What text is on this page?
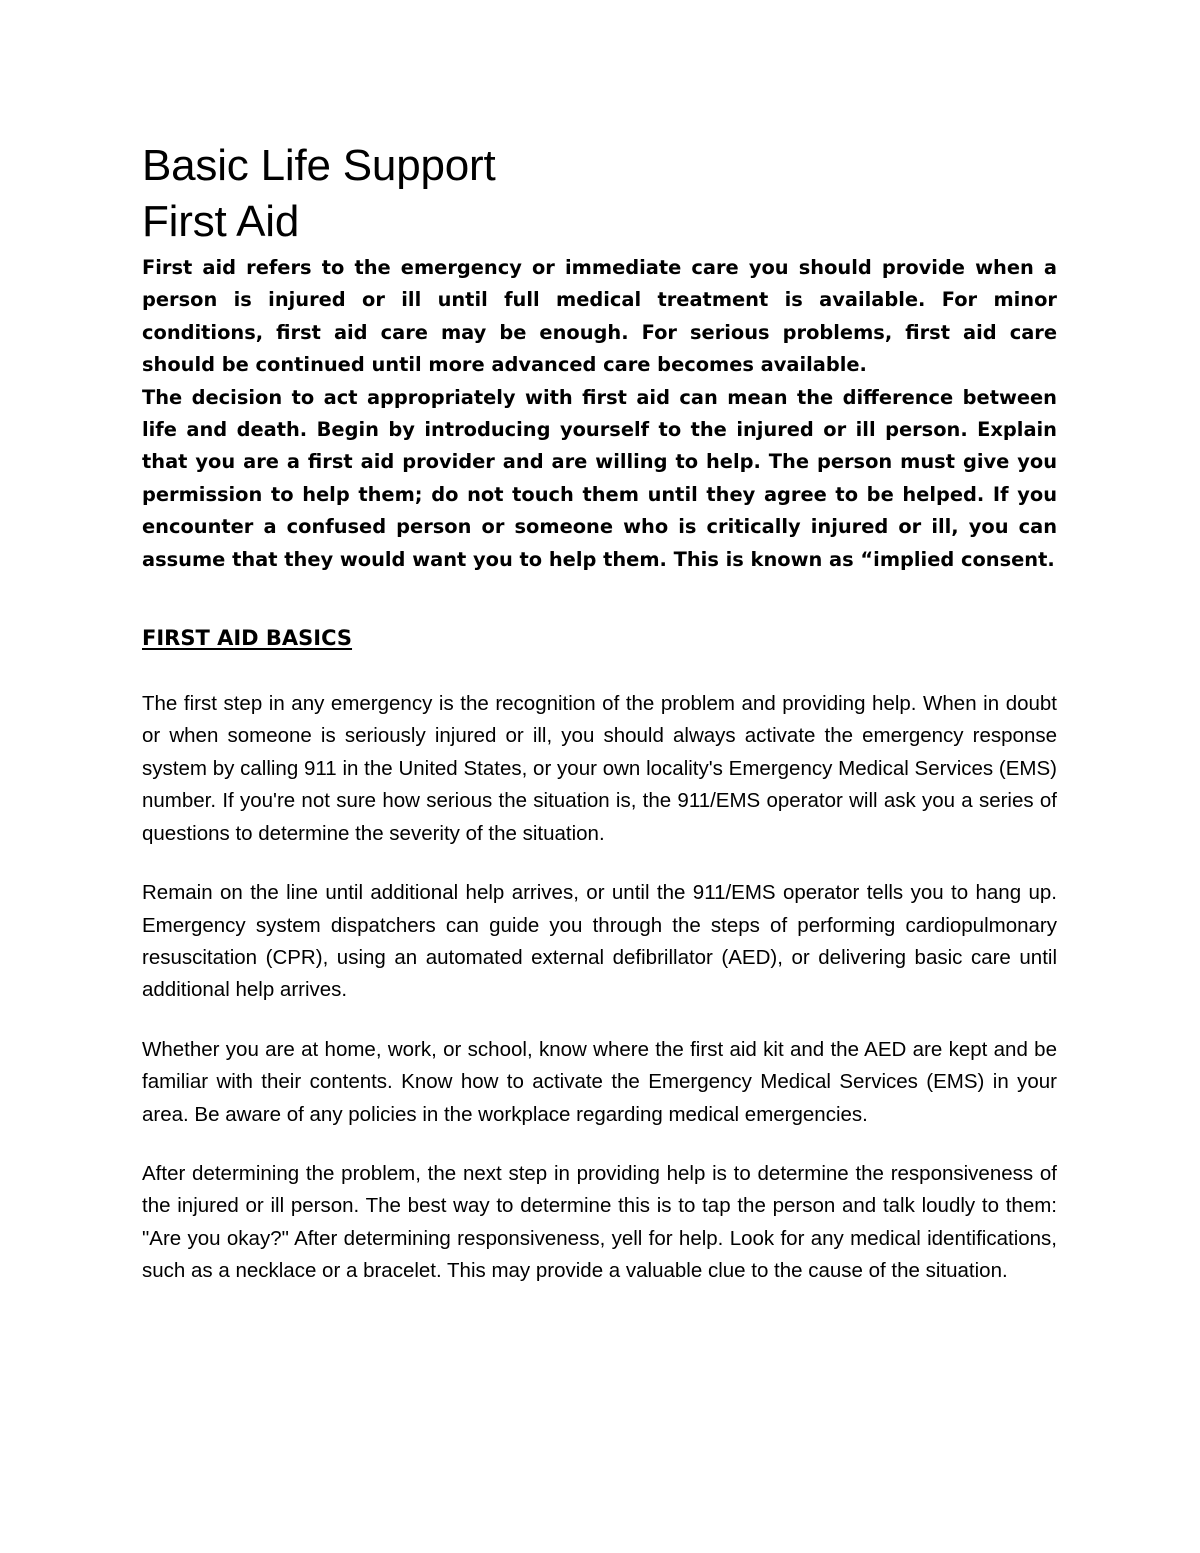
Basic Life Support
First Aid

First aid refers to the emergency or immediate care you should provide when a person is injured or ill until full medical treatment is available. For minor conditions, first aid care may be enough. For serious problems, first aid care should be continued until more advanced care becomes available.

The decision to act appropriately with first aid can mean the difference between life and death. Begin by introducing yourself to the injured or ill person. Explain that you are a first aid provider and are willing to help. The person must give you permission to help them; do not touch them until they agree to be helped. If you encounter a confused person or someone who is critically injured or ill, you can assume that they would want you to help them. This is known as “implied consent.

FIRST AID BASICS

The first step in any emergency is the recognition of the problem and providing help. When in doubt or when someone is seriously injured or ill, you should always activate the emergency response system by calling 911 in the United States, or your own locality's Emergency Medical Services (EMS) number. If you're not sure how serious the situation is, the 911/EMS operator will ask you a series of questions to determine the severity of the situation.

Remain on the line until additional help arrives, or until the 911/EMS operator tells you to hang up. Emergency system dispatchers can guide you through the steps of performing cardiopulmonary resuscitation (CPR), using an automated external defibrillator (AED), or delivering basic care until additional help arrives.

Whether you are at home, work, or school, know where the first aid kit and the AED are kept and be familiar with their contents. Know how to activate the Emergency Medical Services (EMS) in your area. Be aware of any policies in the workplace regarding medical emergencies.

After determining the problem, the next step in providing help is to determine the responsiveness of the injured or ill person. The best way to determine this is to tap the person and talk loudly to them: "Are you okay?" After determining responsiveness, yell for help. Look for any medical identifications, such as a necklace or a bracelet. This may provide a valuable clue to the cause of the situation.
